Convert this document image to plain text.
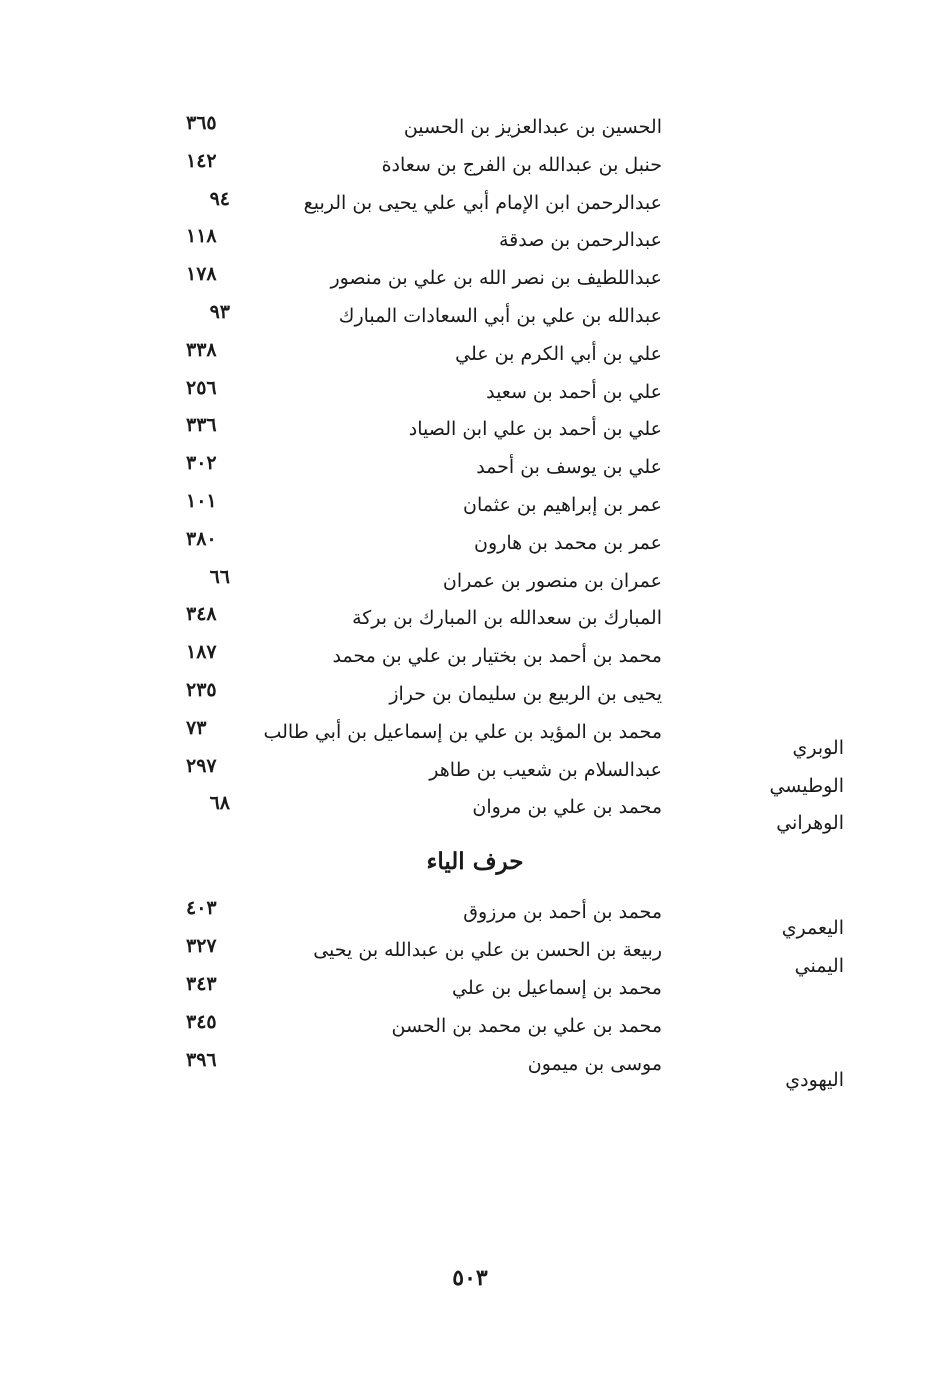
الحسين بن عبدالعزيز بن الحسين
٣٦٥
حنبل بن عبدالله بن الفرج بن سعادة
١٤٢
عبدالرحمن ابن الإمام أبي علي يحيى بن الربيع
٩٤
عبدالرحمن بن صدقة
١١٨
عبداللطيف بن نصر الله بن علي بن منصور
١٧٨
عبدالله بن علي بن أبي السعادات المبارك
٩٣
علي بن أبي الكرم بن علي
٣٣٨
علي بن أحمد بن سعيد
٢٥٦
علي بن أحمد بن علي ابن الصياد
٣٣٦
علي بن يوسف بن أحمد
٣٠٢
عمر بن إبراهيم بن عثمان
١٠١
عمر بن محمد بن هارون
٣٨٠
عمران بن منصور بن عمران
٦٦
المبارك بن سعدالله بن المبارك بن بركة
٣٤٨
محمد بن أحمد بن بختيار بن علي بن محمد
١٨٧
يحيى بن الربيع بن سليمان بن حراز
٢٣٥
الوبري
محمد بن المؤيد بن علي بن إسماعيل بن أبي طالب
٧٣
الوطيسي
عبدالسلام بن شعيب بن طاهر
٢٩٧
الوهراني
محمد بن علي بن مروان
٦٨
حرف الياء
اليعمري
محمد بن أحمد بن مرزوق
٤٠٣
اليمني
ربيعة بن الحسن بن علي بن عبدالله بن يحيى
٣٢٧
محمد بن إسماعيل بن علي
٣٤٣
محمد بن علي بن محمد بن الحسن
٣٤٥
اليهودي
موسى بن ميمون
٣٩٦
٥٠٣
